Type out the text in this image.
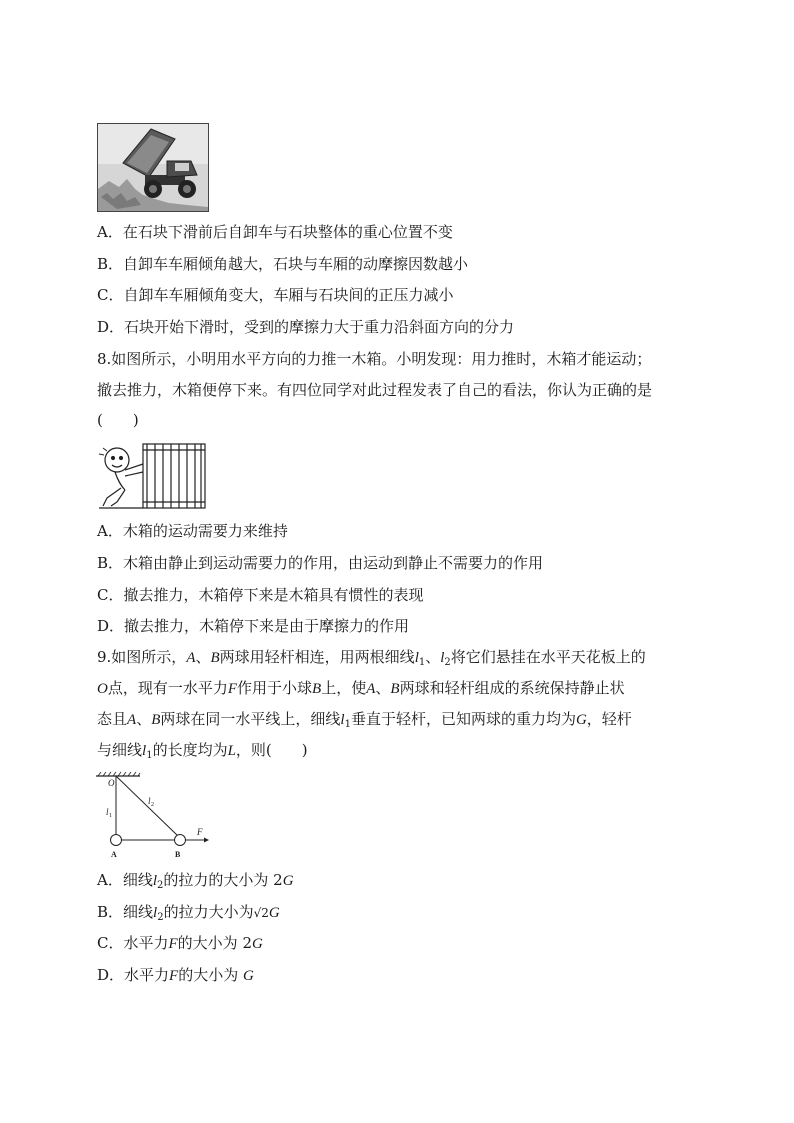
A．在石块下滑前后自卸车与石块整体的重心位置不变
B．自卸车车厢倾角越大，石块与车厢的动摩擦因数越小
C．自卸车车厢倾角变大，车厢与石块间的正压力减小
D．石块开始下滑时，受到的摩擦力大于重力沿斜面方向的分力
8.如图所示，小明用水平方向的力推一木箱。小明发现：用力推时，木箱才能运动；
撤去推力，木箱便停下来。有四位同学对此过程发表了自己的看法，你认为正确的是
(　　)
A．木箱的运动需要力来维持
B．木箱由静止到运动需要力的作用，由运动到静止不需要力的作用
C．撤去推力，木箱停下来是木箱具有惯性的表现
D．撤去推力，木箱停下来是由于摩擦力的作用
9.如图所示，A、B两球用轻杆相连，用两根细线$l_1$、$l_2$将它们悬挂在水平天花板上的
O点，现有一水平力F作用于小球B上，使A、B两球和轻杆组成的系统保持静止状
态且A、B两球在同一水平线上，细线$l_1$垂直于轻杆，已知两球的重力均为G，轻杆
与细线$l_1$的长度均为L，则(　　)
O
l 1
l 2
A	B
F
A．细线$l_2$的拉力的大小为 2G
B．细线$l_2$的拉力大小为√2G
C．水平力F的大小为 2G
D．水平力F的大小为 G
